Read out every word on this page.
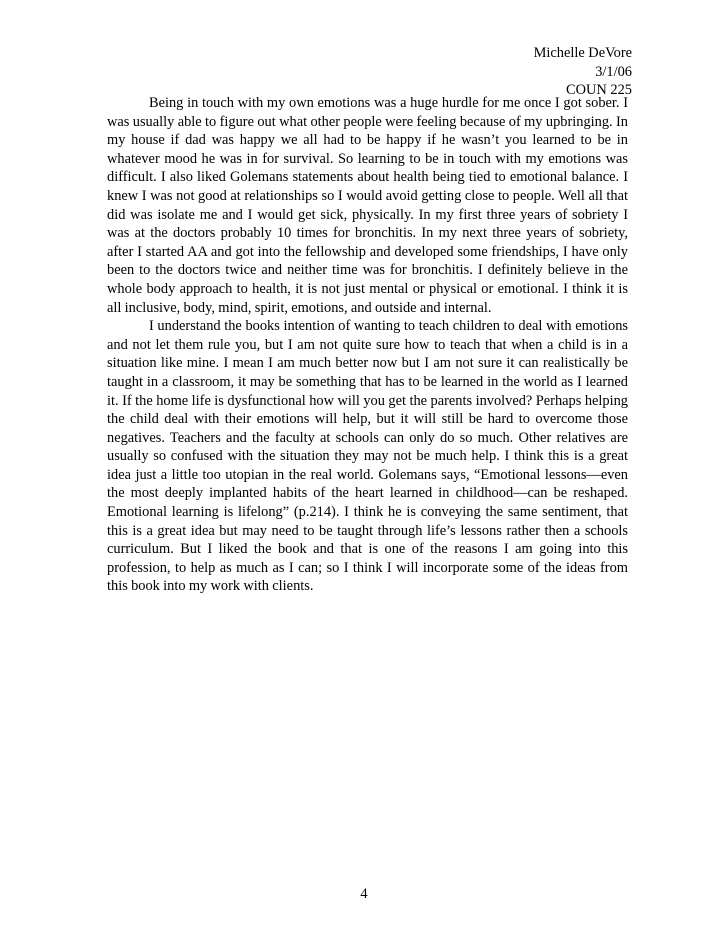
Michelle DeVore
3/1/06
COUN 225

Being in touch with my own emotions was a huge hurdle for me once I got sober. I was usually able to figure out what other people were feeling because of my upbringing. In my house if dad was happy we all had to be happy if he wasn’t you learned to be in whatever mood he was in for survival. So learning to be in touch with my emotions was difficult. I also liked Golemans statements about health being tied to emotional balance. I knew I was not good at relationships so I would avoid getting close to people. Well all that did was isolate me and I would get sick, physically. In my first three years of sobriety I was at the doctors probably 10 times for bronchitis. In my next three years of sobriety, after I started AA and got into the fellowship and developed some friendships, I have only been to the doctors twice and neither time was for bronchitis. I definitely believe in the whole body approach to health, it is not just mental or physical or emotional. I think it is all inclusive, body, mind, spirit, emotions, and outside and internal.

I understand the books intention of wanting to teach children to deal with emotions and not let them rule you, but I am not quite sure how to teach that when a child is in a situation like mine. I mean I am much better now but I am not sure it can realistically be taught in a classroom, it may be something that has to be learned in the world as I learned it. If the home life is dysfunctional how will you get the parents involved? Perhaps helping the child deal with their emotions will help, but it will still be hard to overcome those negatives. Teachers and the faculty at schools can only do so much. Other relatives are usually so confused with the situation they may not be much help. I think this is a great idea just a little too utopian in the real world. Golemans says, “Emotional lessons—even the most deeply implanted habits of the heart learned in childhood—can be reshaped. Emotional learning is lifelong” (p.214). I think he is conveying the same sentiment, that this is a great idea but may need to be taught through life’s lessons rather then a schools curriculum. But I liked the book and that is one of the reasons I am going into this profession, to help as much as I can; so I think I will incorporate some of the ideas from this book into my work with clients.

4
